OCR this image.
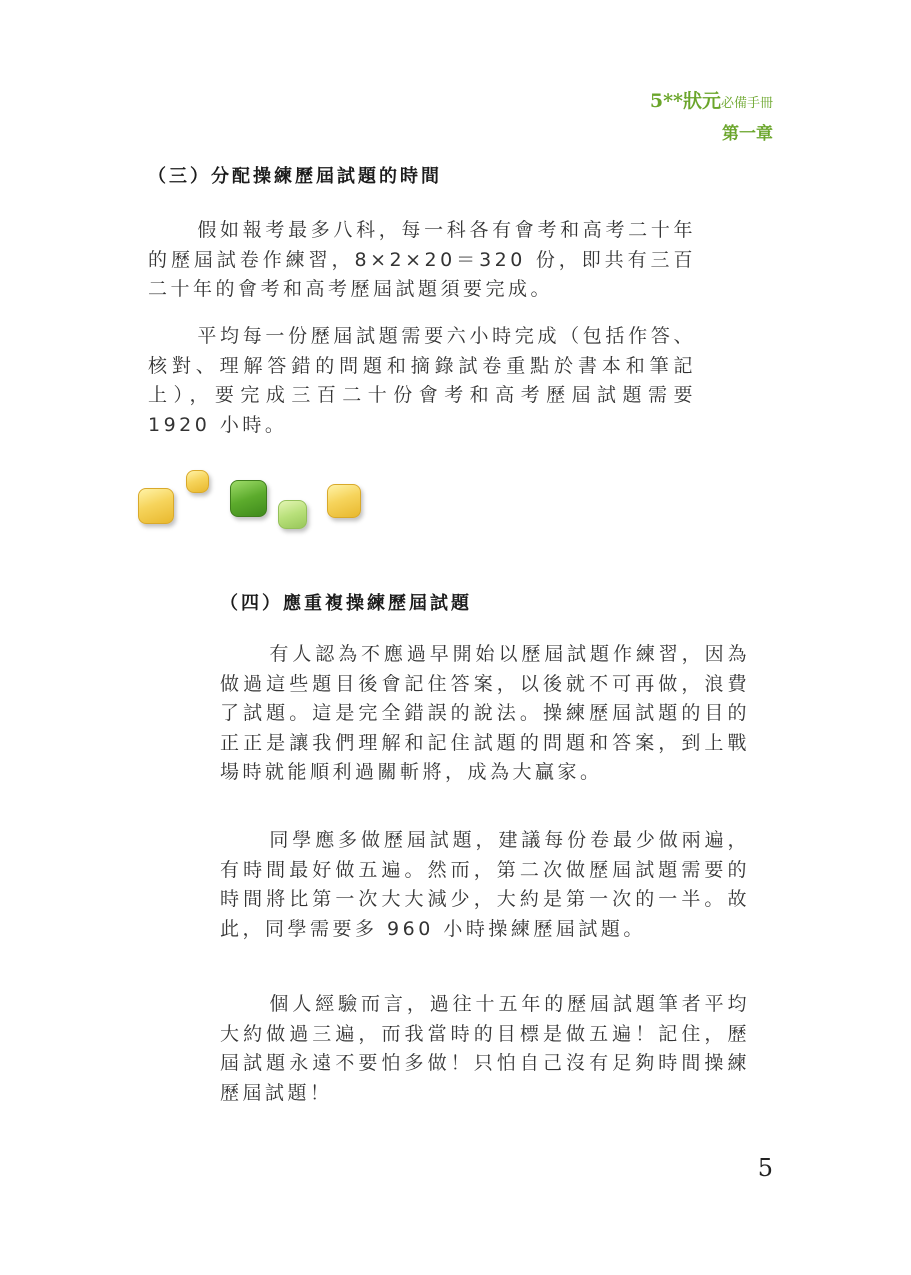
5**狀元必備手冊
第一章
（三）分配操練歷屆試題的時間

假如報考最多八科，每一科各有會考和高考二十年的歷屆試卷作練習，8×2×20＝320 份，即共有三百二十年的會考和高考歷屆試題須要完成。

平均每一份歷屆試題需要六小時完成（包括作答、核對、理解答錯的問題和摘錄試卷重點於書本和筆記上），要完成三百二十份會考和高考歷屆試題需要 1920 小時。

（四）應重複操練歷屆試題

有人認為不應過早開始以歷屆試題作練習，因為做過這些題目後會記住答案，以後就不可再做，浪費了試題。這是完全錯誤的說法。操練歷屆試題的目的正正是讓我們理解和記住試題的問題和答案，到上戰場時就能順利過關斬將，成為大贏家。

同學應多做歷屆試題，建議每份卷最少做兩遍，有時間最好做五遍。然而，第二次做歷屆試題需要的時間將比第一次大大減少，大約是第一次的一半。故此，同學需要多 960 小時操練歷屆試題。

個人經驗而言，過往十五年的歷屆試題筆者平均大約做過三遍，而我當時的目標是做五遍！記住，歷屆試題永遠不要怕多做！只怕自己沒有足夠時間操練歷屆試題！

5
